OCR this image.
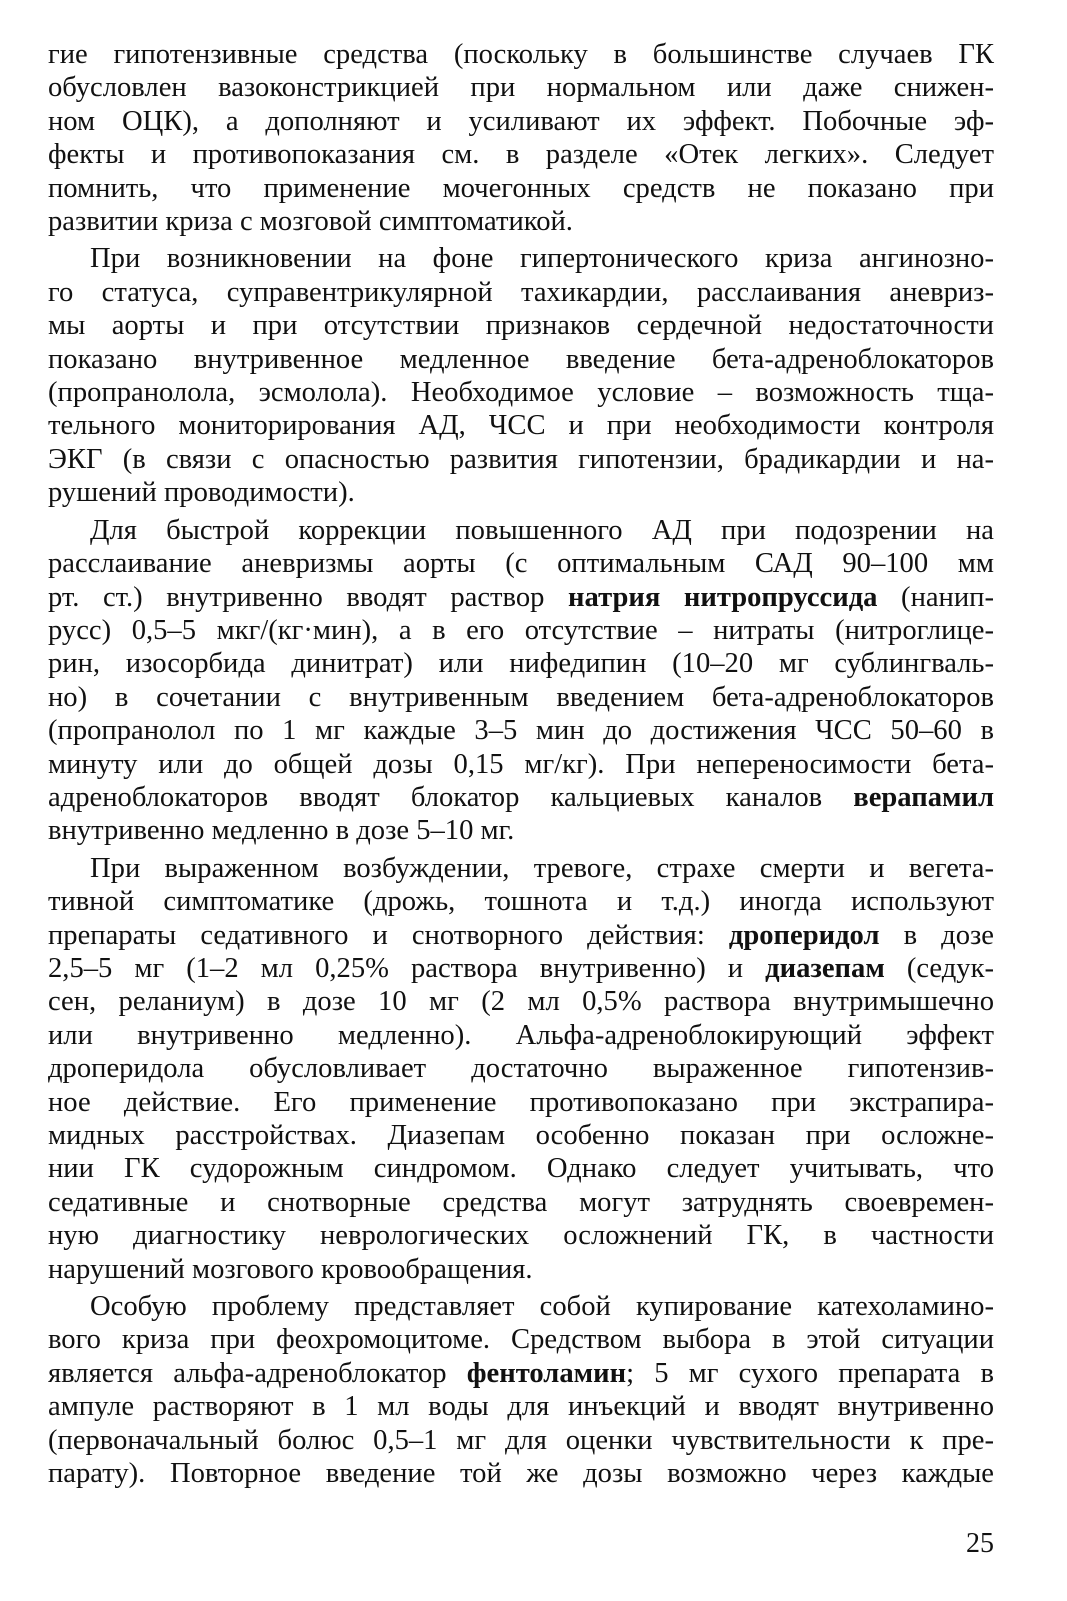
гие гипотензивные средства (поскольку в большинстве случаев ГК
обусловлен вазоконстрикцией при нормальном или даже снижен-
ном ОЦК), а дополняют и усиливают их эффект. Побочные эф-
фекты и противопоказания см. в разделе «Отек легких». Следует
помнить, что применение мочегонных средств не показано при
развитии криза с мозговой симптоматикой.

При возникновении на фоне гипертонического криза ангинозно-
го статуса, суправентрикулярной тахикардии, расслаивания аневриз-
мы аорты и при отсутствии признаков сердечной недостаточности
показано внутривенное медленное введение бета-адреноблокаторов
(пропранолола, эсмолола). Необходимое условие – возможность тща-
тельного мониторирования АД, ЧСС и при необходимости контроля
ЭКГ (в связи с опасностью развития гипотензии, брадикардии и на-
рушений проводимости).

Для быстрой коррекции повышенного АД при подозрении на
расслаивание аневризмы аорты (с оптимальным САД 90–100 мм
рт. ст.) внутривенно вводят раствор натрия нитропруссида (нанип-
русс) 0,5–5 мкг/(кг·мин), а в его отсутствие – нитраты (нитроглице-
рин, изосорбида динитрат) или нифедипин (10–20 мг сублингваль-
но) в сочетании с внутривенным введением бета-адреноблокаторов
(пропранолол по 1 мг каждые 3–5 мин до достижения ЧСС 50–60 в
минуту или до общей дозы 0,15 мг/кг). При непереносимости бета-
адреноблокаторов вводят блокатор кальциевых каналов верапамил
внутривенно медленно в дозе 5–10 мг.

При выраженном возбуждении, тревоге, страхе смерти и вегета-
тивной симптоматике (дрожь, тошнота и т.д.) иногда используют
препараты седативного и снотворного действия: дроперидол в дозе
2,5–5 мг (1–2 мл 0,25% раствора внутривенно) и диазепам (седук-
сен, реланиум) в дозе 10 мг (2 мл 0,5% раствора внутримышечно
или внутривенно медленно). Альфа-адреноблокирующий эффект
дроперидола обусловливает достаточно выраженное гипотензив-
ное действие. Его применение противопоказано при экстрапира-
мидных расстройствах. Диазепам особенно показан при осложне-
нии ГК судорожным синдромом. Однако следует учитывать, что
седативные и снотворные средства могут затруднять своевремен-
ную диагностику неврологических осложнений ГК, в частности
нарушений мозгового кровообращения.

Особую проблему представляет собой купирование катехоламино-
вого криза при феохромоцитоме. Средством выбора в этой ситуации
является альфа-адреноблокатор фентоламин; 5 мг сухого препарата в
ампуле растворяют в 1 мл воды для инъекций и вводят внутривенно
(первоначальный болюс 0,5–1 мг для оценки чувствительности к пре-
парату). Повторное введение той же дозы возможно через каждые

25
